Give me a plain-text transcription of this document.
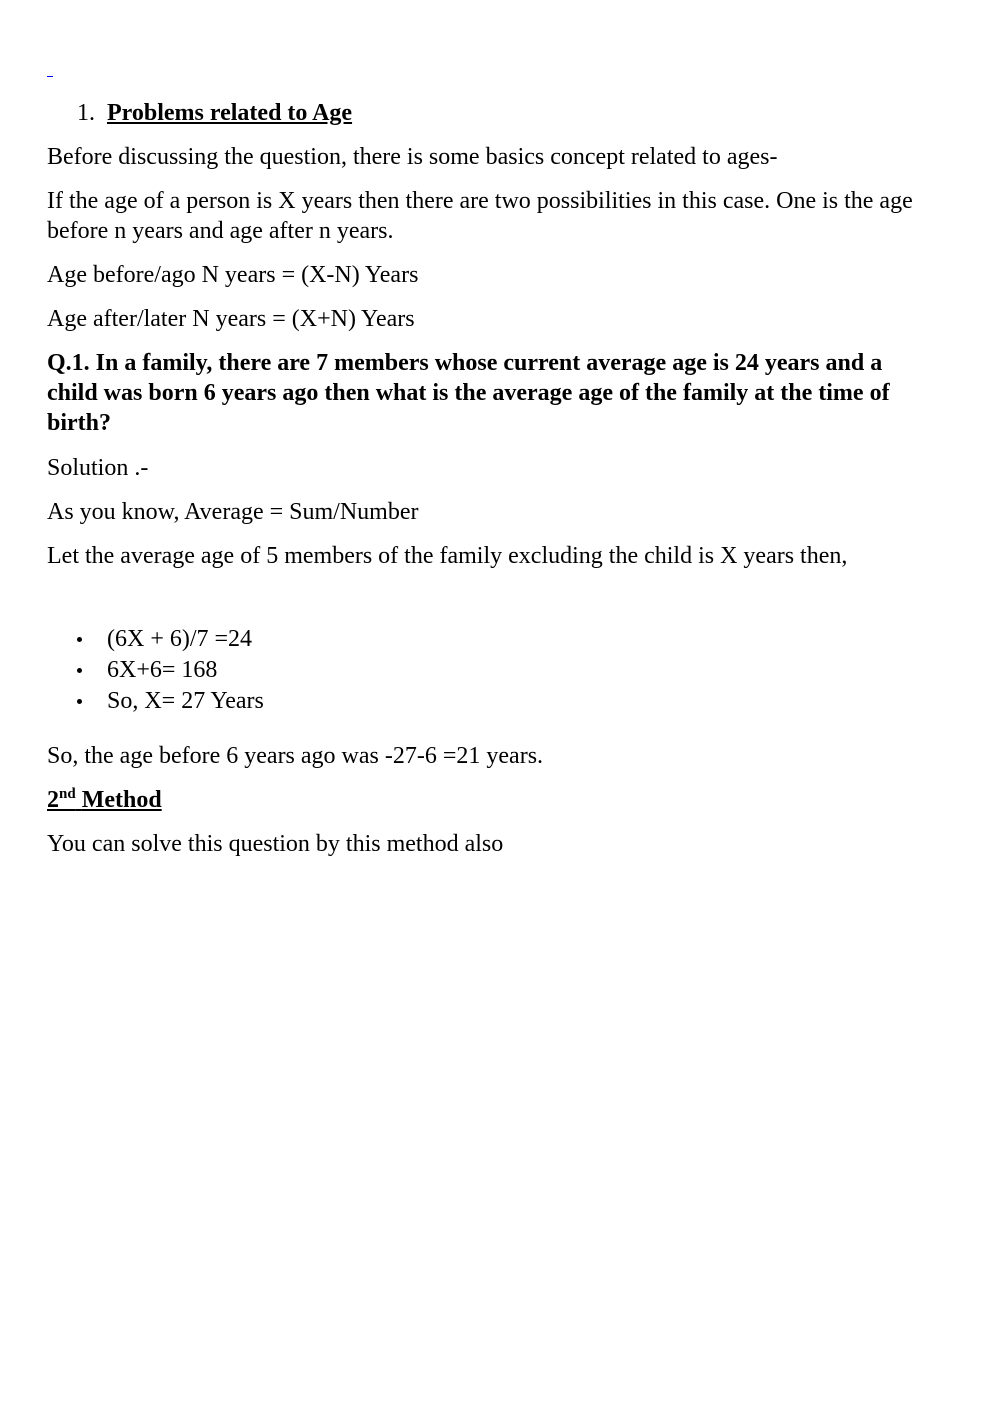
1. Problems related to Age

Before discussing the question, there is some basics concept related to ages-

If the age of a person is X years then there are two possibilities in this case. One is the age before n years and age after n years.

Age before/ago N years = (X-N) Years

Age after/later N years = (X+N) Years

Q.1. In a family, there are 7 members whose current average age is 24 years and a child was born 6 years ago then what is the average age of the family at the time of birth?

Solution .-

As you know, Average = Sum/Number

Let the average age of 5 members of the family excluding the child is X years then,

(6X + 6)/7 =24
6X+6= 168
So, X= 27 Years

So, the age before 6 years ago was -27-6 =21 years.

2nd Method

You can solve this question by this method also
